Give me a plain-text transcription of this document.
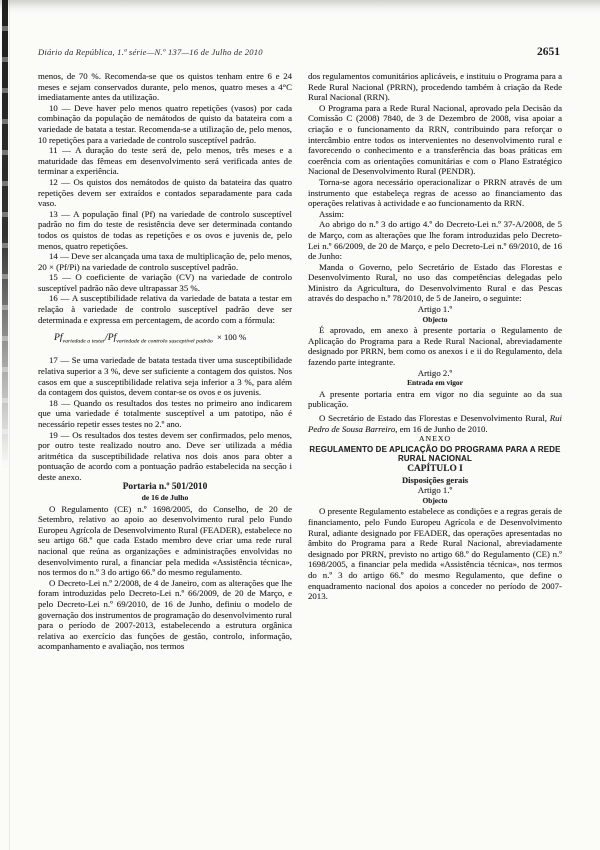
Diário da República, 1.ª série—N.º 137—16 de Julho de 2010	2651

menos, de 70 %. Recomenda-se que os quistos tenham entre 6 e 24 meses e sejam conservados durante, pelo menos, quatro meses a 4°C imediatamente antes da utilização.

10 — Deve haver pelo menos quatro repetições (vasos) por cada combinação da população de nemátodos de quisto da batateira com a variedade de batata a testar. Recomenda-se a utilização de, pelo menos, 10 repetições para a variedade de controlo susceptível padrão.

11 — A duração do teste será de, pelo menos, três meses e a maturidade das fêmeas em desenvolvimento será verificada antes de terminar a experiência.

12 — Os quistos dos nemátodos de quisto da batateira das quatro repetições devem ser extraídos e contados separadamente para cada vaso.

13 — A população final (Pf) na variedade de controlo susceptível padrão no fim do teste de resistência deve ser determinada contando todos os quistos de todas as repetições e os ovos e juvenis de, pelo menos, quatro repetições.

14 — Deve ser alcançada uma taxa de multiplicação de, pelo menos, 20 × (Pf/Pi) na variedade de controlo susceptível padrão.

15 — O coeficiente de variação (CV) na variedade de controlo susceptível padrão não deve ultrapassar 35 %.

16 — A susceptibilidade relativa da variedade de batata a testar em relação à variedade de controlo susceptível padrão deve ser determinada e expressa em percentagem, de acordo com a fórmula:

$Pf_{variedade a testar}/Pf_{variedade de controlo susceptível padrão} \times 100$ %

17 — Se uma variedade de batata testada tiver uma susceptibilidade relativa superior a 3 %, deve ser suficiente a contagem dos quistos. Nos casos em que a susceptibilidade relativa seja inferior a 3 %, para além da contagem dos quistos, devem contar-se os ovos e os juvenis.

18 — Quando os resultados dos testes no primeiro ano indicarem que uma variedade é totalmente susceptível a um patotipo, não é necessário repetir esses testes no 2.º ano.

19 — Os resultados dos testes devem ser confirmados, pelo menos, por outro teste realizado noutro ano. Deve ser utilizada a média aritmética da susceptibilidade relativa nos dois anos para obter a pontuação de acordo com a pontuação padrão estabelecida na secção i deste anexo.

Portaria n.º 501/2010

de 16 de Julho

O Regulamento (CE) n.º 1698/2005, do Conselho, de 20 de Setembro, relativo ao apoio ao desenvolvimento rural pelo Fundo Europeu Agrícola de Desenvolvimento Rural (FEADER), estabelece no seu artigo 68.º que cada Estado membro deve criar uma rede rural nacional que reúna as organizações e administrações envolvidas no desenvolvimento rural, a financiar pela medida «Assistência técnica», nos termos do n.º 3 do artigo 66.º do mesmo regulamento.

O Decreto-Lei n.º 2/2008, de 4 de Janeiro, com as alterações que lhe foram introduzidas pelo Decreto-Lei n.º 66/2009, de 20 de Março, e pelo Decreto-Lei n.º 69/2010, de 16 de Junho, definiu o modelo de governação dos instrumentos de programação do desenvolvimento rural para o período de 2007-2013, estabelecendo a estrutura orgânica relativa ao exercício das funções de gestão, controlo, informação, acompanhamento e avaliação, nos termos

dos regulamentos comunitários aplicáveis, e instituiu o Programa para a Rede Rural Nacional (PRRN), procedendo também à criação da Rede Rural Nacional (RRN).

O Programa para a Rede Rural Nacional, aprovado pela Decisão da Comissão C (2008) 7840, de 3 de Dezembro de 2008, visa apoiar a criação e o funcionamento da RRN, contribuindo para reforçar o intercâmbio entre todos os intervenientes no desenvolvimento rural e favorecendo o conhecimento e a transferência das boas práticas em coerência com as orientações comunitárias e com o Plano Estratégico Nacional de Desenvolvimento Rural (PENDR).

Torna-se agora necessário operacionalizar o PRRN através de um instrumento que estabeleça regras de acesso ao financiamento das operações relativas à actividade e ao funcionamento da RRN.

Assim:

Ao abrigo do n.º 3 do artigo 4.º do Decreto-Lei n.º 37-A/2008, de 5 de Março, com as alterações que lhe foram introduzidas pelo Decreto-Lei n.º 66/2009, de 20 de Março, e pelo Decreto-Lei n.º 69/2010, de 16 de Junho:

Manda o Governo, pelo Secretário de Estado das Florestas e Desenvolvimento Rural, no uso das competências delegadas pelo Ministro da Agricultura, do Desenvolvimento Rural e das Pescas através do despacho n.º 78/2010, de 5 de Janeiro, o seguinte:

Artigo 1.º

Objecto

É aprovado, em anexo à presente portaria o Regulamento de Aplicação do Programa para a Rede Rural Nacional, abreviadamente designado por PRRN, bem como os anexos i e ii do Regulamento, dela fazendo parte integrante.

Artigo 2.º

Entrada em vigor

A presente portaria entra em vigor no dia seguinte ao da sua publicação.

O Secretário de Estado das Florestas e Desenvolvimento Rural, Rui Pedro de Sousa Barreiro, em 16 de Junho de 2010.

ANEXO

REGULAMENTO DE APLICAÇÃO DO PROGRAMA PARA A REDE RURAL NACIONAL

CAPÍTULO I

Disposições gerais

Artigo 1.º

Objecto

O presente Regulamento estabelece as condições e a regras gerais de financiamento, pelo Fundo Europeu Agrícola e de Desenvolvimento Rural, adiante designado por FEADER, das operações apresentadas no âmbito do Programa para a Rede Rural Nacional, abreviadamente designado por PRRN, previsto no artigo 68.º do Regulamento (CE) n.º 1698/2005, a financiar pela medida «Assistência técnica», nos termos do n.º 3 do artigo 66.º do mesmo Regulamento, que define o enquadramento nacional dos apoios a conceder no período de 2007-2013.
